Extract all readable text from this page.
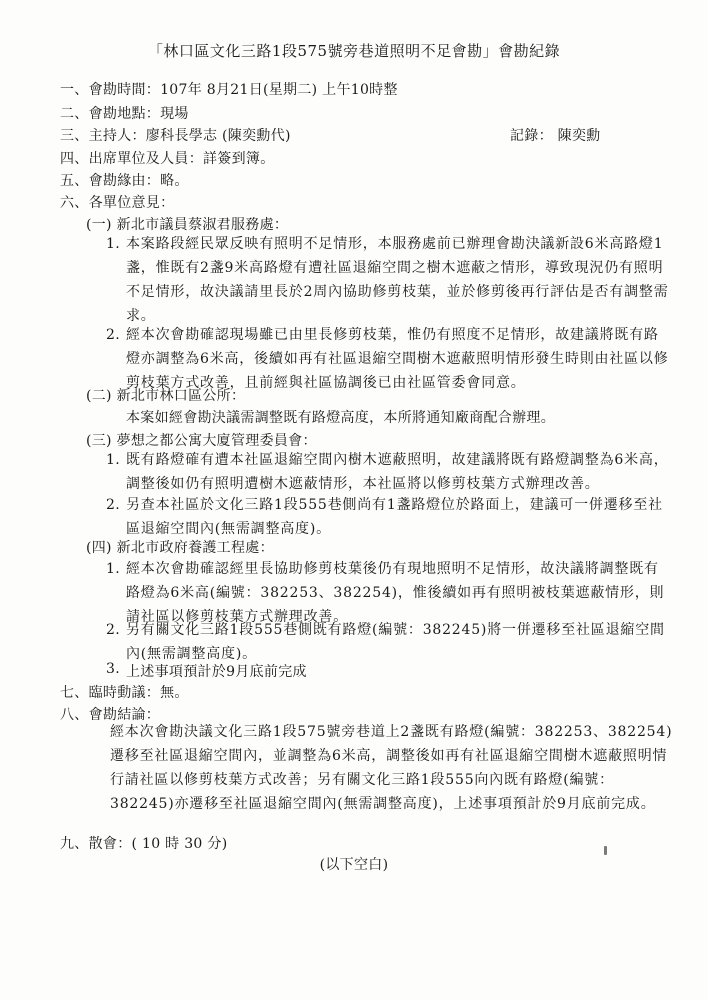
「林口區文化三路1段575號旁巷道照明不足會勘」會勘紀錄
一、會勘時間：107年 8月21日(星期二) 上午10時整
二、會勘地點：現場
三、主持人：廖科長學志 (陳奕勳代)	記錄： 陳奕勳
四、出席單位及人員：詳簽到簿。
五、會勘緣由：略。
六、各單位意見：
(一) 新北市議員蔡淑君服務處：
1. 本案路段經民眾反映有照明不足情形，本服務處前已辦理會勘決議新設6米高路燈1盞，惟既有2盞9米高路燈有遭社區退縮空間之樹木遮蔽之情形，導致現況仍有照明不足情形，故決議請里長於2周內協助修剪枝葉，並於修剪後再行評估是否有調整需求。
2. 經本次會勘確認現場雖已由里長修剪枝葉，惟仍有照度不足情形，故建議將既有路燈亦調整為6米高，後續如再有社區退縮空間樹木遮蔽照明情形發生時則由社區以修剪枝葉方式改善，且前經與社區協調後已由社區管委會同意。
(二) 新北市林口區公所：
本案如經會勘決議需調整既有路燈高度，本所將通知廠商配合辦理。
(三) 夢想之都公寓大廈管理委員會：
1. 既有路燈確有遭本社區退縮空間內樹木遮蔽照明，故建議將既有路燈調整為6米高，調整後如仍有照明遭樹木遮蔽情形，本社區將以修剪枝葉方式辦理改善。
2. 另查本社區於文化三路1段555巷側尚有1盞路燈位於路面上，建議可一併遷移至社區退縮空間內(無需調整高度)。
(四) 新北市政府養護工程處：
1. 經本次會勘確認經里長協助修剪枝葉後仍有現地照明不足情形，故決議將調整既有路燈為6米高(編號：382253、382254)，惟後續如再有照明被枝葉遮蔽情形，則請社區以修剪枝葉方式辦理改善。
2. 另有關文化三路1段555巷側既有路燈(編號：382245)將一併遷移至社區退縮空間內(無需調整高度)。
3. 上述事項預計於9月底前完成
七、臨時動議：無。
八、會勘結論：
經本次會勘決議文化三路1段575號旁巷道上2盞既有路燈(編號：382253、382254)遷移至社區退縮空間內，並調整為6米高，調整後如再有社區退縮空間樹木遮蔽照明情行請社區以修剪枝葉方式改善；另有關文化三路1段555向內既有路燈(編號：382245)亦遷移至社區退縮空間內(無需調整高度)，上述事項預計於9月底前完成。
九、散會：( 10 時 30 分)
(以下空白)
